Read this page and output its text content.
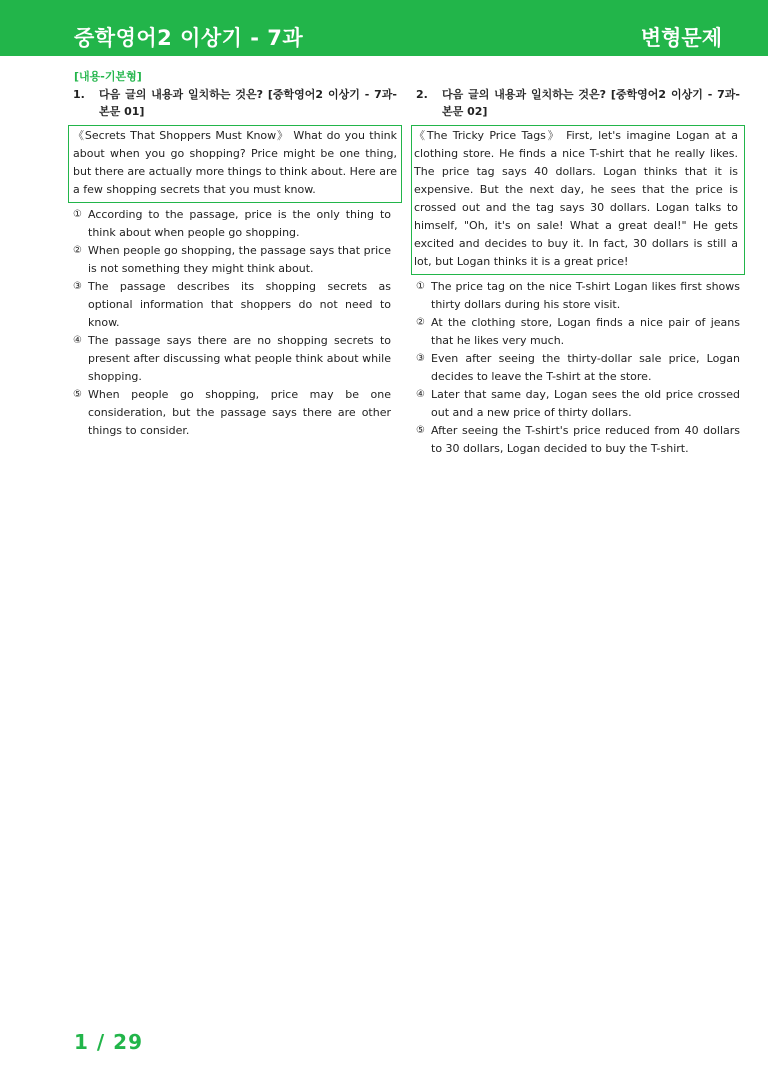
중학영어2 이상기 - 7과	변형문제
[내용-기본형]
1.	다음 글의 내용과 일치하는 것은? [중학영어2 이상기 - 7과-본문 01]
《Secrets That Shoppers Must Know》 What do you think about when you go shopping? Price might be one thing, but there are actually more things to think about. Here are a few shopping secrets that you must know.
① According to the passage, price is the only thing to think about when people go shopping.
② When people go shopping, the passage says that price is not something they might think about.
③ The passage describes its shopping secrets as optional information that shoppers do not need to know.
④ The passage says there are no shopping secrets to present after discussing what people think about while shopping.
⑤ When people go shopping, price may be one consideration, but the passage says there are other things to consider.
2.	다음 글의 내용과 일치하는 것은? [중학영어2 이상기 - 7과-본문 02]
《The Tricky Price Tags》 First, let's imagine Logan at a clothing store. He finds a nice T-shirt that he really likes. The price tag says 40 dollars. Logan thinks that it is expensive. But the next day, he sees that the price is crossed out and the tag says 30 dollars. Logan talks to himself, "Oh, it's on sale! What a great deal!" He gets excited and decides to buy it. In fact, 30 dollars is still a lot, but Logan thinks it is a great price!
① The price tag on the nice T-shirt Logan likes first shows thirty dollars during his store visit.
② At the clothing store, Logan finds a nice pair of jeans that he likes very much.
③ Even after seeing the thirty-dollar sale price, Logan decides to leave the T-shirt at the store.
④ Later that same day, Logan sees the old price crossed out and a new price of thirty dollars.
⑤ After seeing the T-shirt's price reduced from 40 dollars to 30 dollars, Logan decided to buy the T-shirt.
1 / 29
